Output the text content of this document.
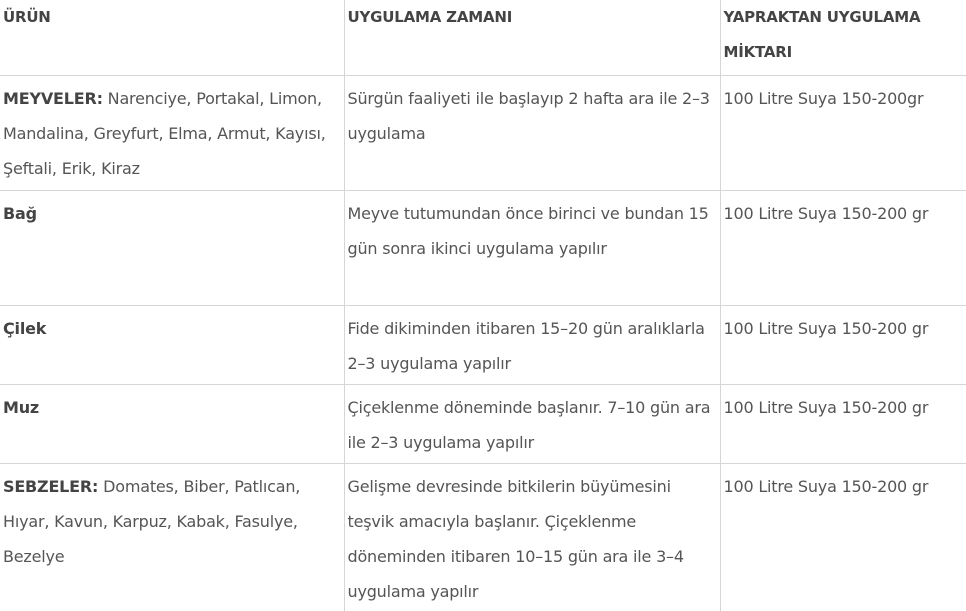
ÜRÜN	UYGULAMA ZAMANI	YAPRAKTAN UYGULAMA MİKTARI
MEYVELER: Narenciye, Portakal, Limon, Mandalina, Greyfurt, Elma, Armut, Kayısı, Şeftali, Erik, Kiraz	Sürgün faaliyeti ile başlayıp 2 hafta ara ile 2–3 uygulama	100 Litre Suya 150-200gr
Bağ	Meyve tutumundan önce birinci ve bundan 15 gün sonra ikinci uygulama yapılır	100 Litre Suya 150-200 gr
Çilek	Fide dikiminden itibaren 15–20 gün aralıklarla 2–3 uygulama yapılır	100 Litre Suya 150-200 gr
Muz	Çiçeklenme döneminde başlanır. 7–10 gün ara ile 2–3 uygulama yapılır	100 Litre Suya 150-200 gr
SEBZELER: Domates, Biber, Patlıcan, Hıyar, Kavun, Karpuz, Kabak, Fasulye, Bezelye	Gelişme devresinde bitkilerin büyümesini teşvik amacıyla başlanır. Çiçeklenme döneminden itibaren 10–15 gün ara ile 3–4 uygulama yapılır	100 Litre Suya 150-200 gr
